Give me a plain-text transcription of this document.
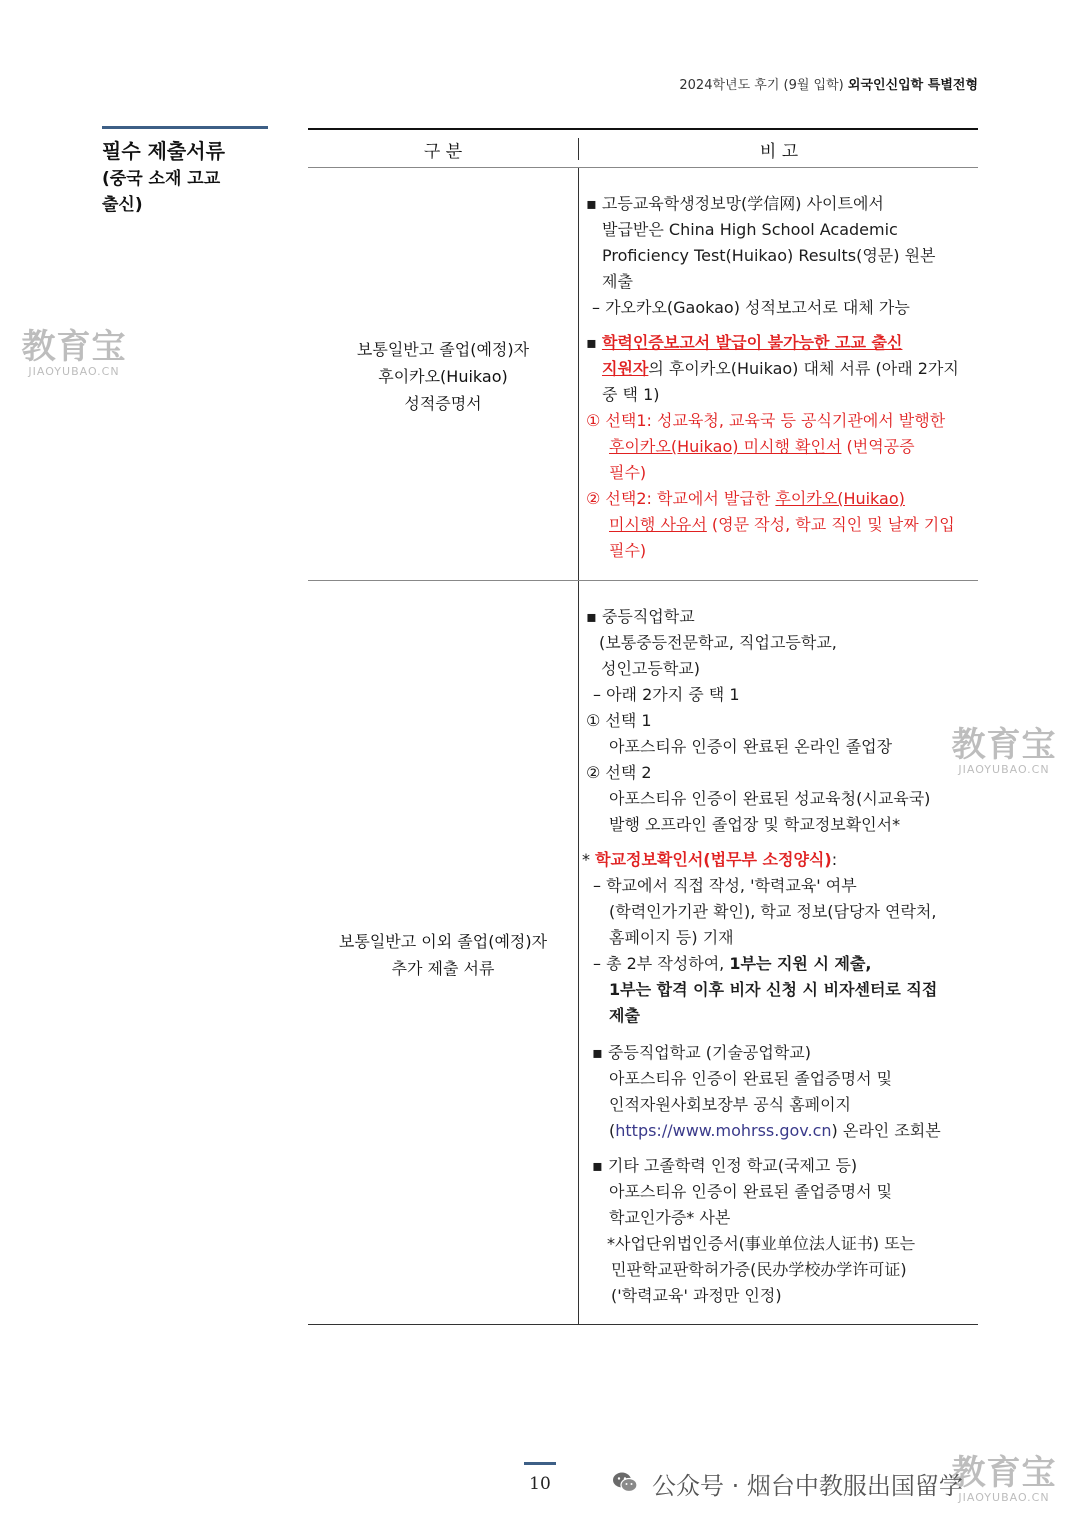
2024학년도 후기 (9월 입학) 외국인신입학 특별전형
필수 제출서류
(중국 소재 고교
출신)
구 분	비 고
보통일반고 졸업(예정)자
후이카오(Huikao)
성적증명서
▪ 고등교육학생정보망(学信网) 사이트에서
발급받은 China High School Academic
Proficiency Test(Huikao) Results(영문) 원본
제출
– 가오카오(Gaokao) 성적보고서로 대체 가능
▪ 학력인증보고서 발급이 불가능한 고교 출신
지원자의 후이카오(Huikao) 대체 서류 (아래 2가지
중 택 1)
① 선택1: 성교육청, 교육국 등 공식기관에서 발행한
후이카오(Huikao) 미시행 확인서 (번역공증
필수)
② 선택2: 학교에서 발급한 후이카오(Huikao)
미시행 사유서 (영문 작성, 학교 직인 및 날짜 기입
필수)
보통일반고 이외 졸업(예정)자
추가 제출 서류
▪ 중등직업학교
(보통중등전문학교, 직업고등학교,
성인고등학교)
– 아래 2가지 중 택 1
① 선택 1
아포스티유 인증이 완료된 온라인 졸업장
② 선택 2
아포스티유 인증이 완료된 성교육청(시교육국)
발행 오프라인 졸업장 및 학교정보확인서*
* 학교정보확인서(법무부 소정양식):
– 학교에서 직접 작성, '학력교육' 여부
(학력인가기관 확인), 학교 정보(담당자 연락처,
홈페이지 등) 기재
– 총 2부 작성하여, 1부는 지원 시 제출,
1부는 합격 이후 비자 신청 시 비자센터로 직접
제출
▪ 중등직업학교 (기술공업학교)
아포스티유 인증이 완료된 졸업증명서 및
인적자원사회보장부 공식 홈페이지
(https://www.mohrss.gov.cn) 온라인 조회본
▪ 기타 고졸학력 인정 학교(국제고 등)
아포스티유 인증이 완료된 졸업증명서 및
학교인가증* 사본
*사업단위법인증서(事业单位法人证书) 또는
민판학교판학허가증(民办学校办学许可证)
('학력교육' 과정만 인정)
教育宝
JIAOYUBAO.CN
教育宝
JIAOYUBAO.CN
教育宝
JIAOYUBAO.CN
10	公众号 · 烟台中教服出国留学
